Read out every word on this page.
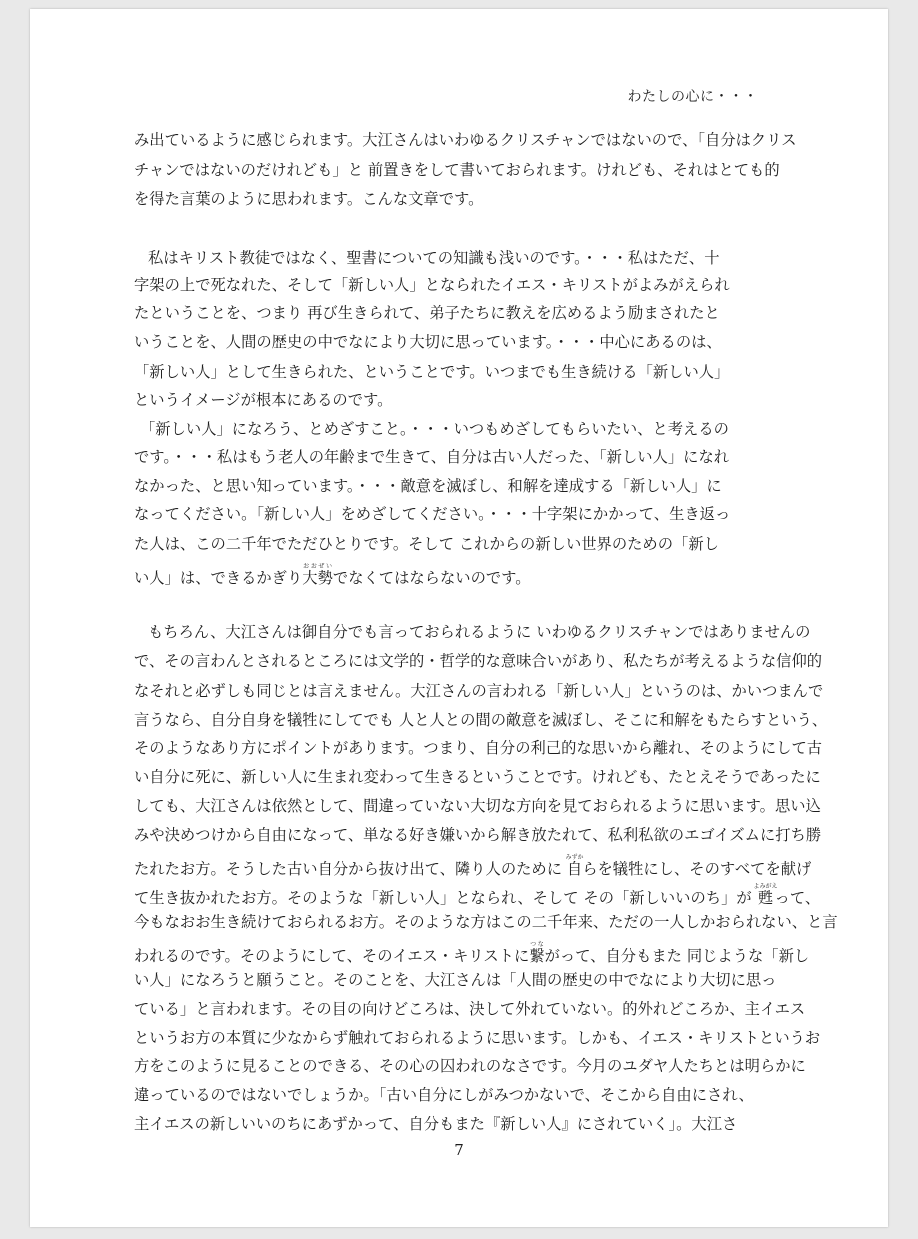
わたしの心に・・・
み出ているように感じられます。大江さんはいわゆるクリスチャンではないので、「自分はクリス
チャンではないのだけれども」と 前置きをして書いておられます。けれども、それはとても的
を得た言葉のように思われます。こんな文章です。
私はキリスト教徒ではなく、聖書についての知識も浅いのです。・・・私はただ、十
字架の上で死なれた、そして「新しい人」となられたイエス・キリストがよみがえられ
たということを、つまり 再び生きられて、弟子たちに教えを広めるよう励まされたと
いうことを、人間の歴史の中でなにより大切に思っています。・・・中心にあるのは、
「新しい人」として生きられた、ということです。いつまでも生き続ける「新しい人」
というイメージが根本にあるのです。
「新しい人」になろう、とめざすこと。・・・いつもめざしてもらいたい、と考えるの
です。・・・私はもう老人の年齢まで生きて、自分は古い人だった、「新しい人」になれ
なかった、と思い知っています。・・・敵意を滅ぼし、和解を達成する「新しい人」に
なってください。「新しい人」をめざしてください。・・・十字架にかかって、生き返っ
た人は、この二千年でただひとりです。そして これからの新しい世界のための「新し
い人」は、できるかぎり大勢おおぜいでなくてはならないのです。
もちろん、大江さんは御自分でも言っておられるように いわゆるクリスチャンではありませんの
で、その言わんとされるところには文学的・哲学的な意味合いがあり、私たちが考えるような信仰的
なそれと必ずしも同じとは言えません。大江さんの言われる「新しい人」というのは、かいつまんで
言うなら、自分自身を犠牲にしてでも 人と人との間の敵意を滅ぼし、そこに和解をもたらすという、
そのようなあり方にポイントがあります。つまり、自分の利己的な思いから離れ、そのようにして古
い自分に死に、新しい人に生まれ変わって生きるということです。けれども、たとえそうであったに
しても、大江さんは依然として、間違っていない大切な方向を見ておられるように思います。思い込
みや決めつけから自由になって、単なる好き嫌いから解き放たれて、私利私欲のエゴイズムに打ち勝
たれたお方。そうした古い自分から抜け出て、隣り人のために 自みずからを犠牲にし、そのすべてを献げ
て生き抜かれたお方。そのような「新しい人」となられ、そして その「新しいいのち」が 甦よみがえって、
今もなおお生き続けておられるお方。そのような方はこの二千年来、ただの一人しかおられない、と言
われるのです。そのようにして、そのイエス・キリストに繋つながって、自分もまた 同じような「新し
い人」になろうと願うこと。そのことを、大江さんは「人間の歴史の中でなにより大切に思っ
ている」と言われます。その目の向けどころは、決して外れていない。的外れどころか、主イエス
というお方の本質に少なからず触れておられるように思います。しかも、イエス・キリストというお
方をこのように見ることのできる、その心の囚われのなさです。今月のユダヤ人たちとは明らかに
違っているのではないでしょうか。「古い自分にしがみつかないで、そこから自由にされ、
主イエスの新しいいのちにあずかって、自分もまた『新しい人』にされていく」。大江さ
7
